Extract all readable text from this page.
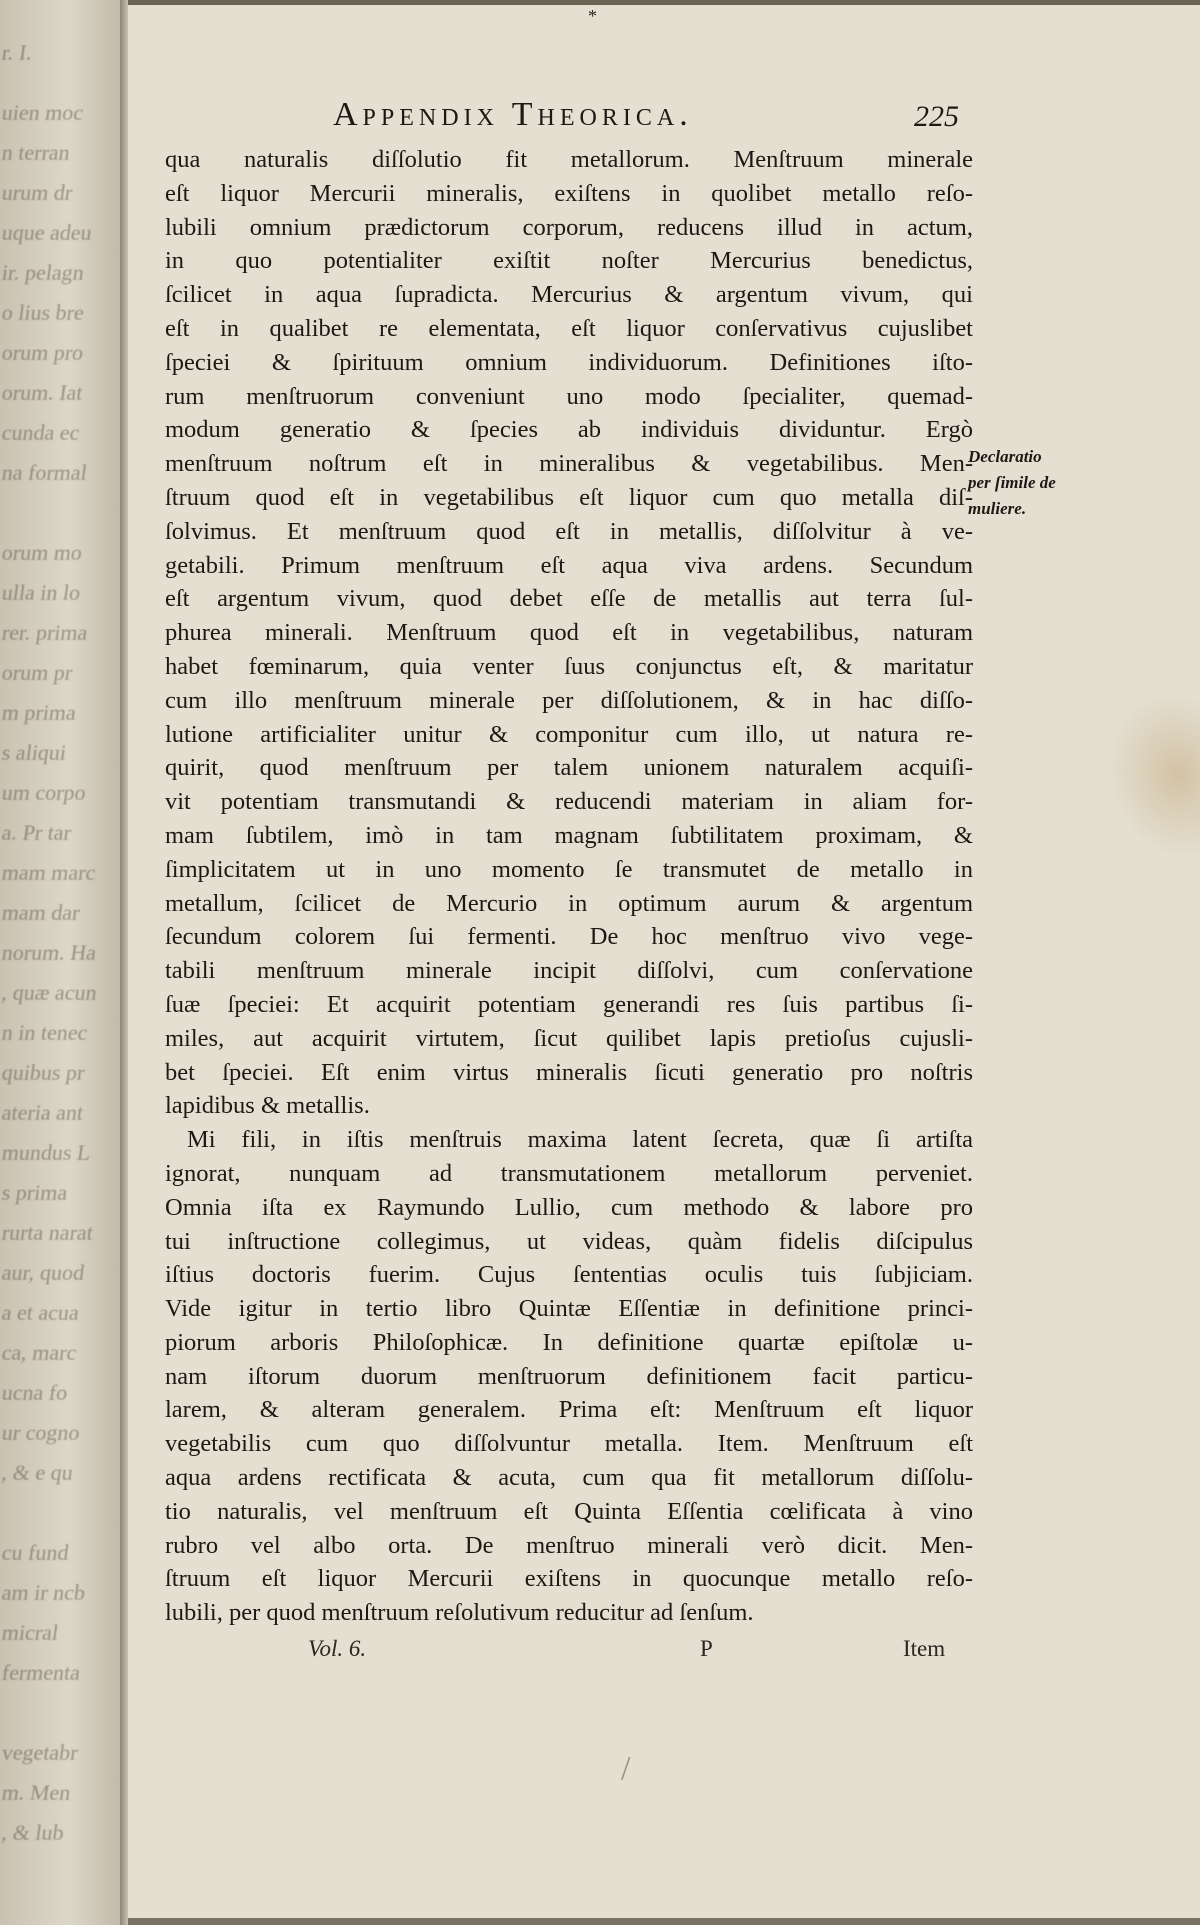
r. I.
uien moc
n terran
urum dr
uque adeu
ir. pelagn
o lius bre
orum pro
orum. Iat
cunda ec
na formal
orum mo
ulla in lo
rer. prima
orum pr
m prima
s aliqui
um corpo
a. Pr tar
mam marc
mam dar
norum. Ha
, quæ acun
n in tenec
quibus pr
ateria ant
mundus L
s prima
rurta narat
aur, quod
a et acua
ca, marc
ucna fo
ur cogno
, & e qu
cu fund
am ir ncb
micral
fermenta
vegetabr
m. Men
, & lub
*
Appendix Theorica.	225
qua naturalis diſſolutio fit metallorum. Menſtruum minerale
eſt liquor Mercurii mineralis, exiſtens in quolibet metallo reſo-
lubili omnium prædictorum corporum, reducens illud in actum,
in quo potentialiter exiſtit noſter Mercurius benedictus,
ſcilicet in aqua ſupradicta. Mercurius & argentum vivum, qui
eſt in qualibet re elementata, eſt liquor conſervativus cujuslibet
ſpeciei & ſpirituum omnium individuorum. Definitiones iſto-
rum menſtruorum conveniunt uno modo ſpecialiter, quemad-
modum generatio & ſpecies ab individuis dividuntur. Ergò
menſtruum noſtrum eſt in mineralibus & vegetabilibus. Men-
ſtruum quod eſt in vegetabilibus eſt liquor cum quo metalla diſ-
ſolvimus. Et menſtruum quod eſt in metallis, diſſolvitur à ve-
getabili. Primum menſtruum eſt aqua viva ardens. Secundum
eſt argentum vivum, quod debet eſſe de metallis aut terra ſul-
phurea minerali. Menſtruum quod eſt in vegetabilibus, naturam
habet fœminarum, quia venter ſuus conjunctus eſt, & maritatur
cum illo menſtruum minerale per diſſolutionem, & in hac diſſo-
lutione artificialiter unitur & componitur cum illo, ut natura re-
quirit, quod menſtruum per talem unionem naturalem acquiſi-
vit potentiam transmutandi & reducendi materiam in aliam for-
mam ſubtilem, imò in tam magnam ſubtilitatem proximam, &
ſimplicitatem ut in uno momento ſe transmutet de metallo in
metallum, ſcilicet de Mercurio in optimum aurum & argentum
ſecundum colorem ſui fermenti. De hoc menſtruo vivo vege-
tabili menſtruum minerale incipit diſſolvi, cum conſervatione
ſuæ ſpeciei: Et acquirit potentiam generandi res ſuis partibus ſi-
miles, aut acquirit virtutem, ſicut quilibet lapis pretioſus cujusli-
bet ſpeciei. Eſt enim virtus mineralis ſicuti generatio pro noſtris
lapidibus & metallis.
Mi fili, in iſtis menſtruis maxima latent ſecreta, quæ ſi artiſta
ignorat, nunquam ad transmutationem metallorum perveniet.
Omnia iſta ex Raymundo Lullio, cum methodo & labore pro
tui inſtructione collegimus, ut videas, quàm fidelis diſcipulus
iſtius doctoris fuerim. Cujus ſententias oculis tuis ſubjiciam.
Vide igitur in tertio libro Quintæ Eſſentiæ in definitione princi-
piorum arboris Philoſophicæ. In definitione quartæ epiſtolæ u-
nam iſtorum duorum menſtruorum definitionem facit particu-
larem, & alteram generalem. Prima eſt: Menſtruum eſt liquor
vegetabilis cum quo diſſolvuntur metalla. Item. Menſtruum eſt
aqua ardens rectificata & acuta, cum qua fit metallorum diſſolu-
tio naturalis, vel menſtruum eſt Quinta Eſſentia cœlificata à vino
rubro vel albo orta. De menſtruo minerali verò dicit. Men-
ſtruum eſt liquor Mercurii exiſtens in quocunque metallo reſo-
lubili, per quod menſtruum reſolutivum reducitur ad ſenſum.
Declaratio
per ſimile de
muliere.
Vol. 6.	P	Item
/
